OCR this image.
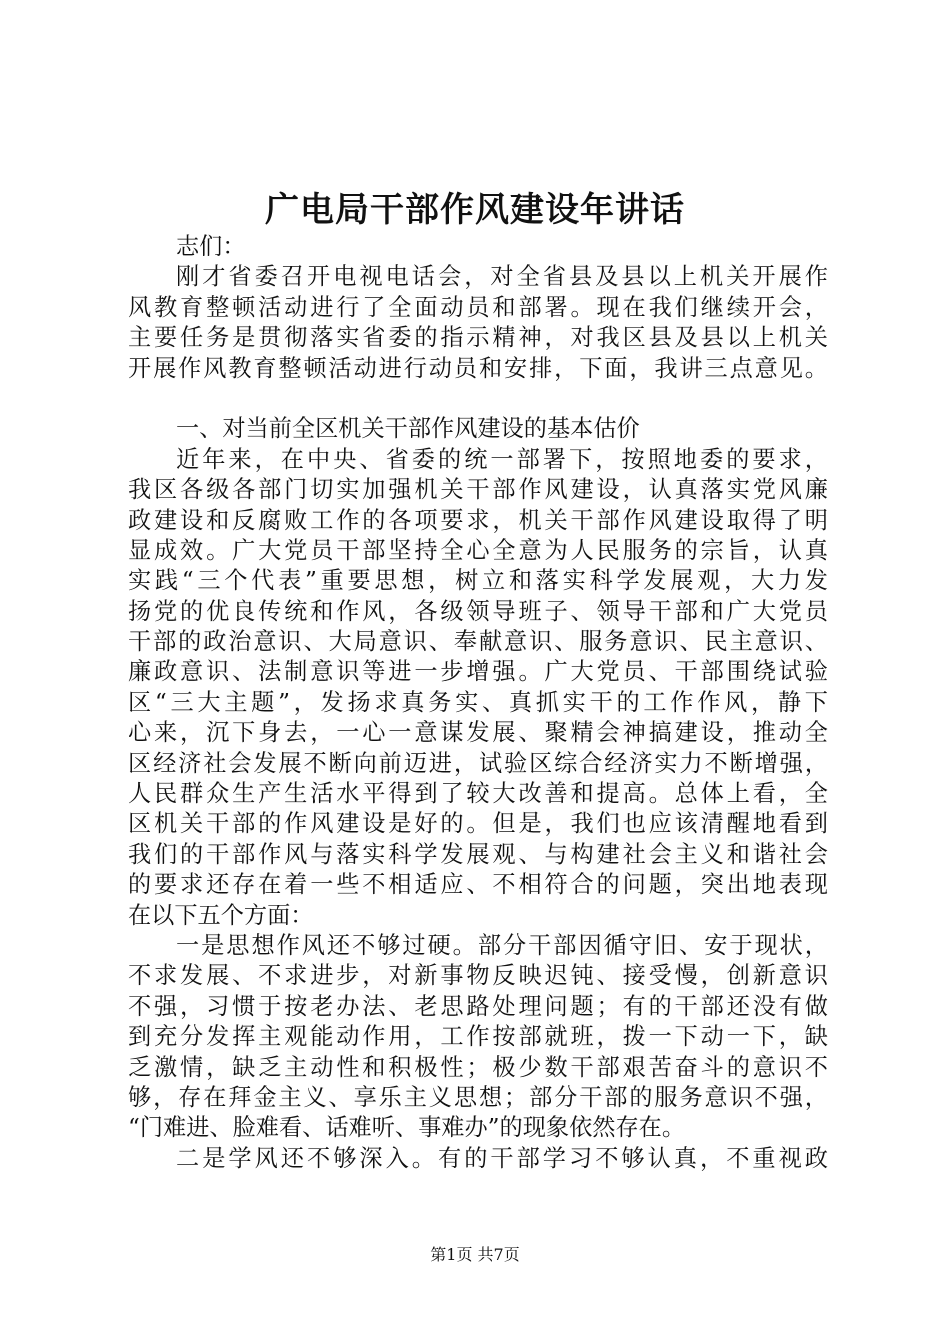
广电局干部作风建设年讲话
志们：
刚才省委召开电视电话会，对全省县及县以上机关开展作
风教育整顿活动进行了全面动员和部署。现在我们继续开会，
主要任务是贯彻落实省委的指示精神，对我区县及县以上机关
开展作风教育整顿活动进行动员和安排，下面，我讲三点意见。
一、对当前全区机关干部作风建设的基本估价
近年来，在中央、省委的统一部署下，按照地委的要求，
我区各级各部门切实加强机关干部作风建设，认真落实党风廉
政建设和反腐败工作的各项要求，机关干部作风建设取得了明
显成效。广大党员干部坚持全心全意为人民服务的宗旨，认真
实践“三个代表”重要思想，树立和落实科学发展观，大力发
扬党的优良传统和作风，各级领导班子、领导干部和广大党员
干部的政治意识、大局意识、奉献意识、服务意识、民主意识、
廉政意识、法制意识等进一步增强。广大党员、干部围绕试验
区“三大主题”，发扬求真务实、真抓实干的工作作风，静下
心来，沉下身去，一心一意谋发展、聚精会神搞建设，推动全
区经济社会发展不断向前迈进，试验区综合经济实力不断增强，
人民群众生产生活水平得到了较大改善和提高。总体上看，全
区机关干部的作风建设是好的。但是，我们也应该清醒地看到
我们的干部作风与落实科学发展观、与构建社会主义和谐社会
的要求还存在着一些不相适应、不相符合的问题，突出地表现
在以下五个方面：
一是思想作风还不够过硬。部分干部因循守旧、安于现状，
不求发展、不求进步，对新事物反映迟钝、接受慢，创新意识
不强，习惯于按老办法、老思路处理问题；有的干部还没有做
到充分发挥主观能动作用，工作按部就班，拨一下动一下，缺
乏激情，缺乏主动性和积极性；极少数干部艰苦奋斗的意识不
够，存在拜金主义、享乐主义思想；部分干部的服务意识不强，
“门难进、脸难看、话难听、事难办”的现象依然存在。
二是学风还不够深入。有的干部学习不够认真，不重视政
第1页 共7页
